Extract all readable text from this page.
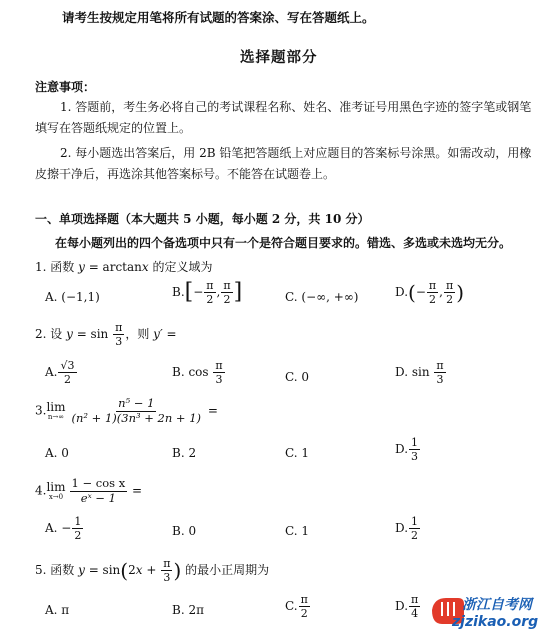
请考生按规定用笔将所有试题的答案涂、写在答题纸上。
选择题部分
注意事项：
1. 答题前，考生务必将自己的考试课程名称、姓名、准考证号用黑色字迹的签字笔或钢笔
填写在答题纸规定的位置上。
2. 每小题选出答案后，用 2B 铅笔把答题纸上对应题目的答案标号涂黑。如需改动，用橡
皮擦干净后，再选涂其他答案标号。不能答在试题卷上。
一、单项选择题（本大题共 5 小题，每小题 2 分，共 10 分）
在每小题列出的四个备选项中只有一个是符合题目要求的。错选、多选或未选均无分。
1. 函数 y = arctanx 的定义域为
A. (−1,1)	$B.[- \frac{\pi}{2}$ , $\frac{\pi}{2}$ ]	C. (−∞, +∞)	$D.(- \frac{\pi}{2}$ , $\frac{\pi}{2}$ )
2. 设 $y = \sin \frac{\pi}{3}$ ，则 y′ =
A. $\frac{√3}{2}$	B. $\cos \frac{\pi}{3}$	C. 0	D. $\sin \frac{\pi}{3}$
3. lim
$n\to\infty \frac{\text{n⁵ − 1}}{\text{(n² + 1)(3n³ + 2n + 1)}}$ =
A. 0	B. 2	C. 1	D. $\frac{1}{3}$
4. lim
$x\to 0 \frac{\text{1 − cos x}}{\text{eˣ − 1}}$ =
A. − $\frac{1}{2}$	B. 0	C. 1	D. $\frac{1}{2}$
5. 函数 $y = \sin(2x + \frac{\pi}{3}$ ) 的最小正周期为
A. π	B. 2π	C. $\frac{\pi}{2}$	D. $\frac{\pi}{4}$	浙江自考网
zjzikao.org
